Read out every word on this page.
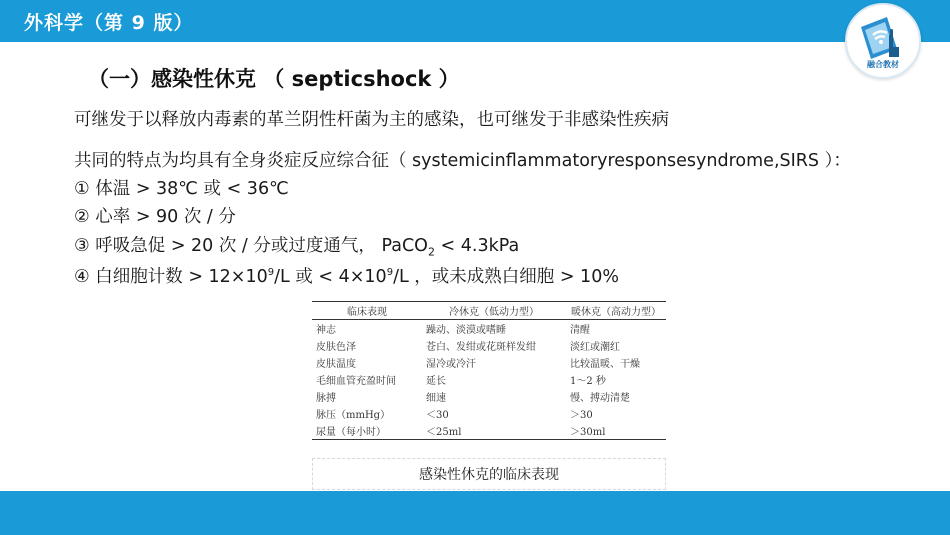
外科学（第 9 版）
融合教材
（一）感染性休克 （ septicshock ）
可继发于以释放内毒素的革兰阴性杆菌为主的感染，也可继发于非感染性疾病
共同的特点为均具有全身炎症反应综合征（ systemicinflammatoryresponsesyndrome,SIRS ）：
① 体温 > 38℃ 或 < 36℃
② 心率 > 90 次 / 分
③ 呼吸急促 > 20 次 / 分或过度通气， PaCO$_2$ < 4.3kPa
④ 白细胞计数 > $12\times 10^9/L$ 或 < $4\times 10^9/L$ ，或未成熟白细胞 > 10%
临床表现	冷休克（低动力型）	暖休克（高动力型）
神志	躁动、淡漠或嗜睡	清醒
皮肤色泽	苍白、发绀或花斑样发绀	淡红或潮红
皮肤温度	湿冷或冷汗	比较温暖、干燥
毛细血管充盈时间	延长	1～2 秒
脉搏	细速	慢、搏动清楚
脉压（mmHg）	＜30	＞30
尿量（每小时）	＜25ml	＞30ml
感染性休克的临床表现
